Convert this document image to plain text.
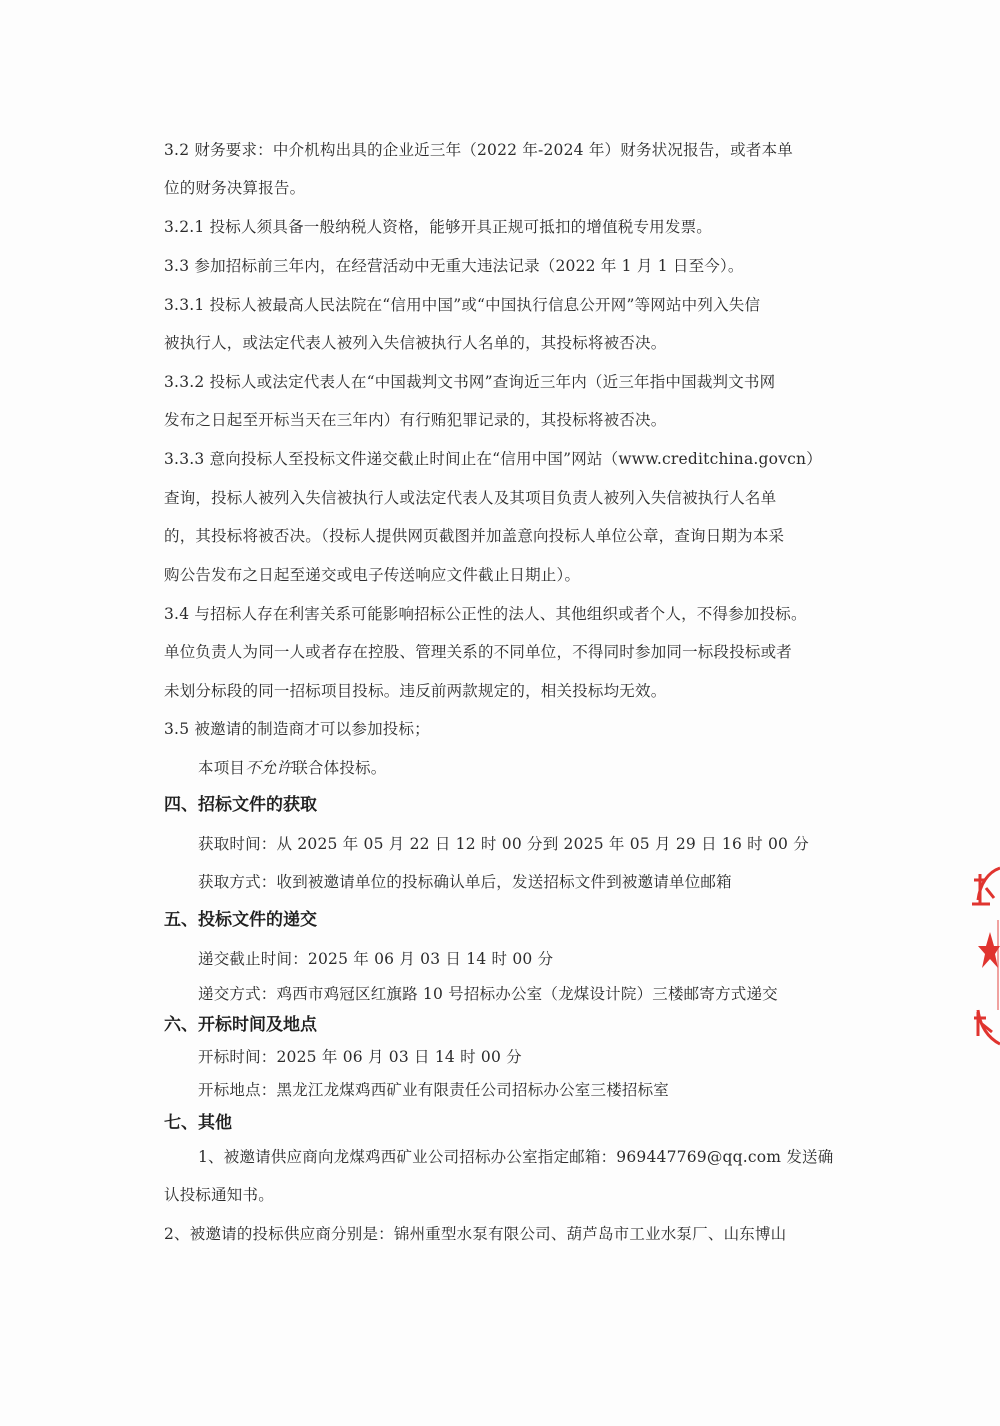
3.2 财务要求：中介机构出具的企业近三年（2022 年-2024 年）财务状况报告，或者本单
位的财务决算报告。
3.2.1 投标人须具备一般纳税人资格，能够开具正规可抵扣的增值税专用发票。
3.3 参加招标前三年内，在经营活动中无重大违法记录（2022 年 1 月 1 日至今）。
3.3.1 投标人被最高人民法院在“信用中国”或“中国执行信息公开网”等网站中列入失信
被执行人，或法定代表人被列入失信被执行人名单的，其投标将被否决。
3.3.2 投标人或法定代表人在“中国裁判文书网”查询近三年内（近三年指中国裁判文书网
发布之日起至开标当天在三年内）有行贿犯罪记录的，其投标将被否决。
3.3.3 意向投标人至投标文件递交截止时间止在“信用中国”网站（www.creditchina.govcn）
查询，投标人被列入失信被执行人或法定代表人及其项目负责人被列入失信被执行人名单
的，其投标将被否决。（投标人提供网页截图并加盖意向投标人单位公章，查询日期为本采
购公告发布之日起至递交或电子传送响应文件截止日期止）。
3.4 与招标人存在利害关系可能影响招标公正性的法人、其他组织或者个人，不得参加投标。
单位负责人为同一人或者存在控股、管理关系的不同单位，不得同时参加同一标段投标或者
未划分标段的同一招标项目投标。违反前两款规定的，相关投标均无效。
3.5 被邀请的制造商才可以参加投标；
本项目不允许联合体投标。
四、招标文件的获取
获取时间：从 2025 年 05 月 22 日 12 时 00 分到 2025 年 05 月 29 日 16 时 00 分
获取方式：收到被邀请单位的投标确认单后，发送招标文件到被邀请单位邮箱
五、投标文件的递交
递交截止时间：2025 年 06 月 03 日 14 时 00 分
递交方式：鸡西市鸡冠区红旗路 10 号招标办公室（龙煤设计院）三楼邮寄方式递交
六、开标时间及地点
开标时间：2025 年 06 月 03 日 14 时 00 分
开标地点：黑龙江龙煤鸡西矿业有限责任公司招标办公室三楼招标室
七、其他
1、被邀请供应商向龙煤鸡西矿业公司招标办公室指定邮箱：969447769@qq.com 发送确
认投标通知书。
2、被邀请的投标供应商分别是：锦州重型水泵有限公司、葫芦岛市工业水泵厂、山东博山
